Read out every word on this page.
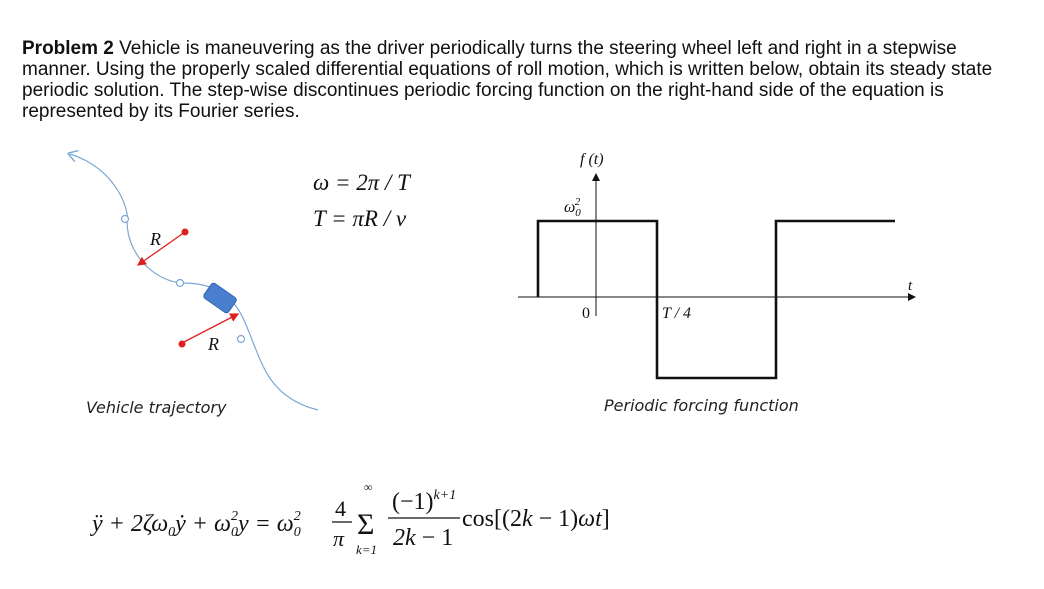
Problem 2 Vehicle is maneuvering as the driver periodically turns the steering wheel left and right in a stepwise manner. Using the properly scaled differential equations of roll motion, which is written below, obtain its steady state periodic solution. The step-wise discontinues periodic forcing function on the right-hand side of the equation is represented by its Fourier series.

ω = 2π / T
T = πR / v
R
R
f (t)
$\omega_02$
0	T / 4
t
ÿ + $2\zeta\omega_0ẏ + \omega_02y = \omega_02$ 4
π Σ
∞
k=1
$(-1)^{k+1}$
2k − 1
cos[(2k − 1)ωt]
Vehicle trajectory	Periodic forcing function
